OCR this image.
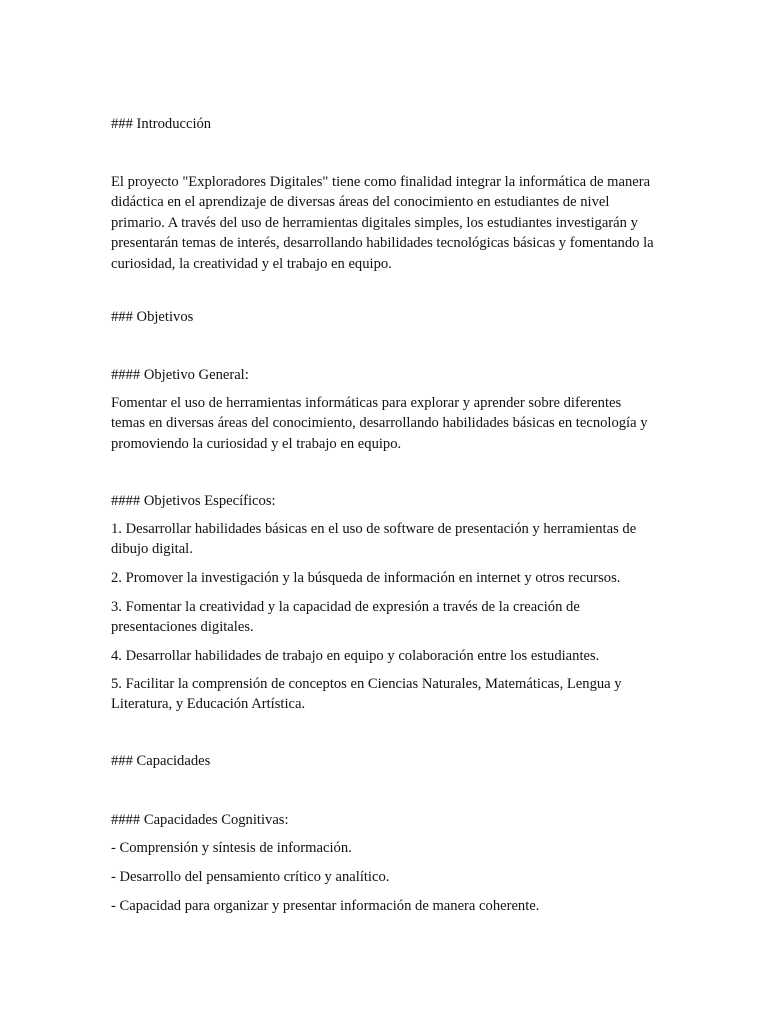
### Introducción

El proyecto "Exploradores Digitales" tiene como finalidad integrar la informática de manera didáctica en el aprendizaje de diversas áreas del conocimiento en estudiantes de nivel primario. A través del uso de herramientas digitales simples, los estudiantes investigarán y presentarán temas de interés, desarrollando habilidades tecnológicas básicas y fomentando la curiosidad, la creatividad y el trabajo en equipo.

### Objetivos

#### Objetivo General:

Fomentar el uso de herramientas informáticas para explorar y aprender sobre diferentes temas en diversas áreas del conocimiento, desarrollando habilidades básicas en tecnología y promoviendo la curiosidad y el trabajo en equipo.

#### Objetivos Específicos:

1. Desarrollar habilidades básicas en el uso de software de presentación y herramientas de dibujo digital.

2. Promover la investigación y la búsqueda de información en internet y otros recursos.

3. Fomentar la creatividad y la capacidad de expresión a través de la creación de presentaciones digitales.

4. Desarrollar habilidades de trabajo en equipo y colaboración entre los estudiantes.

5. Facilitar la comprensión de conceptos en Ciencias Naturales, Matemáticas, Lengua y Literatura, y Educación Artística.

### Capacidades

#### Capacidades Cognitivas:

- Comprensión y síntesis de información.

- Desarrollo del pensamiento crítico y analítico.

- Capacidad para organizar y presentar información de manera coherente.
